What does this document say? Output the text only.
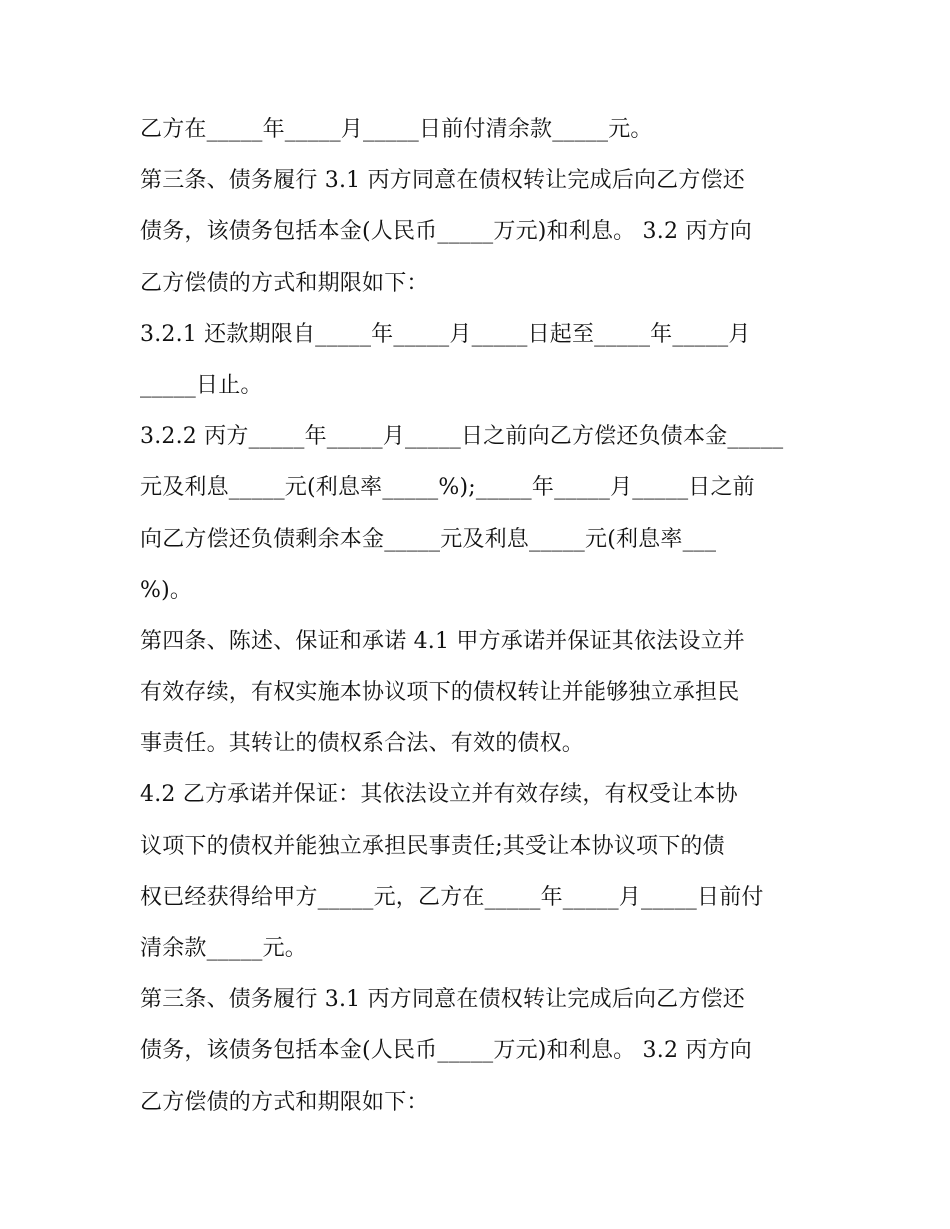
乙方在_____年_____月_____日前付清余款_____元。
第三条、债务履行 3.1 丙方同意在债权转让完成后向乙方偿还
债务，该债务包括本金(人民币_____万元)和利息。 3.2 丙方向
乙方偿债的方式和期限如下：
3.2.1 还款期限自_____年_____月_____日起至_____年_____月
_____日止。
3.2.2 丙方_____年_____月_____日之前向乙方偿还负债本金_____
元及利息_____元(利息率_____%);_____年_____月_____日之前
向乙方偿还负债剩余本金_____元及利息_____元(利息率___
%)。
第四条、陈述、保证和承诺 4.1 甲方承诺并保证其依法设立并
有效存续，有权实施本协议项下的债权转让并能够独立承担民
事责任。其转让的债权系合法、有效的债权。
4.2 乙方承诺并保证：其依法设立并有效存续，有权受让本协
议项下的债权并能独立承担民事责任;其受让本协议项下的债
权已经获得给甲方_____元，乙方在_____年_____月_____日前付
清余款_____元。
第三条、债务履行 3.1 丙方同意在债权转让完成后向乙方偿还
债务，该债务包括本金(人民币_____万元)和利息。 3.2 丙方向
乙方偿债的方式和期限如下：
